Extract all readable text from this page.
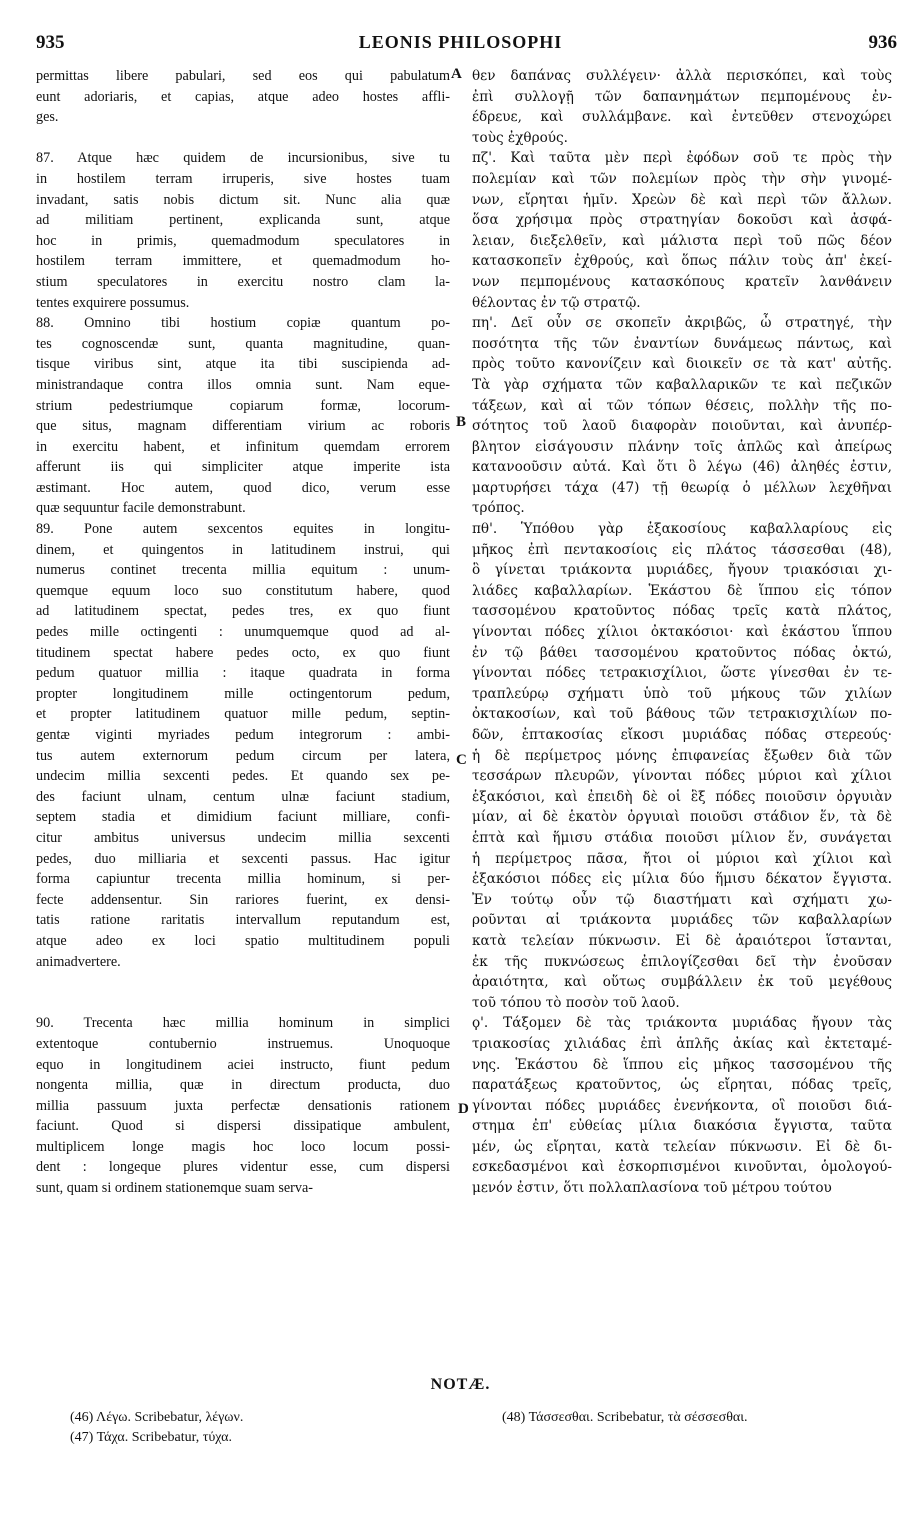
935	LEONIS PHILOSOPHI	936
permittas libere pabulari, sed eos qui pabulatum
eunt adoriaris, et capias, atque adeo hostes affli-
ges.

87. Atque hæc quidem de incursionibus, sive tu
in hostilem terram irruperis, sive hostes tuam
invadant, satis nobis dictum sit. Nunc alia quæ
ad militiam pertinent, explicanda sunt, atque
hoc in primis, quemadmodum speculatores in
hostilem terram immittere, et quemadmodum ho-
stium speculatores in exercitu nostro clam la-
tentes exquirere possumus.
88. Omnino tibi hostium copiæ quantum po-
tes cognoscendæ sunt, quanta magnitudine, quan-
tisque viribus sint, atque ita tibi suscipienda ad-
ministrandaque contra illos omnia sunt. Nam eque-
strium pedestriumque copiarum formæ, locorum-
que situs, magnam differentiam virium ac roboris
in exercitu habent, et infinitum quemdam errorem
afferunt iis qui simpliciter atque imperite ista
æstimant. Hoc autem, quod dico, verum esse
quæ sequuntur facile demonstrabunt.
89. Pone autem sexcentos equites in longitu-
dinem, et quingentos in latitudinem instrui, qui
numerus continet trecenta millia equitum : unum-
quemque equum loco suo constitutum habere, quod
ad latitudinem spectat, pedes tres, ex quo fiunt
pedes mille octingenti : unumquemque quod ad al-
titudinem spectat habere pedes octo, ex quo fiunt
pedum quatuor millia : itaque quadrata in forma
propter longitudinem mille octingentorum pedum,
et propter latitudinem quatuor mille pedum, septin-
gentæ viginti myriades pedum integrorum : ambi-
tus autem externorum pedum circum per latera,
undecim millia sexcenti pedes. Et quando sex pe-
des faciunt ulnam, centum ulnæ faciunt stadium,
septem stadia et dimidium faciunt milliare, confi-
citur ambitus universus undecim millia sexcenti
pedes, duo milliaria et sexcenti passus. Hac igitur
forma capiuntur trecenta millia hominum, si per-
fecte addensentur. Sin rariores fuerint, ex densi-
tatis ratione raritatis intervallum reputandum est,
atque adeo ex loci spatio multitudinem populi
animadvertere.

90. Trecenta hæc millia hominum in simplici
extentoque contubernio instruemus. Unoquoque
equo in longitudinem aciei instructo, fiunt pedum
nongenta millia, quæ in directum producta, duo
millia passuum juxta perfectæ densationis rationem
faciunt. Quod si dispersi dissipatique ambulent,
multiplicem longe magis hoc loco locum possi-
dent : longeque plures videntur esse, cum dispersi
sunt, quam si ordinem stationemque suam serva-
θεν δαπάνας συλλέγειν· ἀλλὰ περισκόπει, καὶ τοὺς
ἐπὶ συλλογῇ τῶν δαπανημάτων πεμπομένους ἐν-
έδρευε, καὶ συλλάμβανε. καὶ ἐντεῦθεν στενοχώρει
τοὺς ἐχθρούς.
πζ'. Καὶ ταῦτα μὲν περὶ ἐφόδων σοῦ τε πρὸς τὴν
πολεμίαν καὶ τῶν πολεμίων πρὸς τὴν σὴν γινομέ-
νων, εἴρηται ἡμῖν. Χρεὼν δὲ καὶ περὶ τῶν ἄλλων.
ὅσα χρήσιμα πρὸς στρατηγίαν δοκοῦσι καὶ ἀσφά-
λειαν, διεξελθεῖν, καὶ μάλιστα περὶ τοῦ πῶς δέον
κατασκοπεῖν ἐχθρούς, καὶ ὅπως πάλιν τοὺς ἀπ' ἐκεί-
νων πεμπομένους κατασκόπους κρατεῖν λανθάνειν
θέλοντας ἐν τῷ στρατῷ.
πη'. Δεῖ οὖν σε σκοπεῖν ἀκριβῶς, ὦ στρατηγέ, τὴν
ποσότητα τῆς τῶν ἐναντίων δυνάμεως πάντως, καὶ
πρὸς τοῦτο κανονίζειν καὶ διοικεῖν σε τὰ κατ' αὐτῆς.
Τὰ γὰρ σχήματα τῶν καβαλλαρικῶν τε καὶ πεζικῶν
τάξεων, καὶ αἱ τῶν τόπων θέσεις, πολλὴν τῆς πο-
σότητος τοῦ λαοῦ διαφορὰν ποιοῦνται, καὶ ἀνυπέρ-
βλητον εἰσάγουσιν πλάνην τοῖς ἁπλῶς καὶ ἀπείρως
κατανοοῦσιν αὐτά. Καὶ ὅτι ὃ λέγω (46) ἀληθές ἐστιν,
μαρτυρήσει τάχα (47) τῇ θεωρίᾳ ὁ μέλλων λεχθῆναι
τρόπος.
πθ'. Ὑπόθου γὰρ ἑξακοσίους καβαλλαρίους εἰς
μῆκος ἐπὶ πεντακοσίοις εἰς πλάτος τάσσεσθαι (48),
ὃ γίνεται τριάκοντα μυριάδες, ἤγουν τριακόσιαι χι-
λιάδες καβαλλαρίων. Ἑκάστου δὲ ἵππου εἰς τόπον
τασσομένου κρατοῦντος πόδας τρεῖς κατὰ πλάτος,
γίνονται πόδες χίλιοι ὀκτακόσιοι· καὶ ἑκάστου ἵππου
ἐν τῷ βάθει τασσομένου κρατοῦντος πόδας ὀκτώ,
γίνονται πόδες τετρακισχίλιοι, ὥστε γίνεσθαι ἐν τε-
τραπλεύρῳ σχήματι ὑπὸ τοῦ μήκους τῶν χιλίων
ὀκτακοσίων, καὶ τοῦ βάθους τῶν τετρακισχιλίων πο-
δῶν, ἑπτακοσίας εἴκοσι μυριάδας πόδας στερεούς·
ἡ δὲ περίμετρος μόνης ἐπιφανείας ἔξωθεν διὰ τῶν
τεσσάρων πλευρῶν, γίνονται πόδες μύριοι καὶ χίλιοι
ἑξακόσιοι, καὶ ἐπειδὴ δὲ οἱ ἓξ πόδες ποιοῦσιν ὀργυιὰν
μίαν, αἱ δὲ ἑκατὸν ὀργυιαὶ ποιοῦσι στάδιον ἕν, τὰ δὲ
ἑπτὰ καὶ ἥμισυ στάδια ποιοῦσι μίλιον ἕν, συνάγεται
ἡ περίμετρος πᾶσα, ἤτοι οἱ μύριοι καὶ χίλιοι καὶ
ἑξακόσιοι πόδες εἰς μίλια δύο ἥμισυ δέκατον ἔγγιστα.
Ἐν τούτῳ οὖν τῷ διαστήματι καὶ σχήματι χω-
ροῦνται αἱ τριάκοντα μυριάδες τῶν καβαλλαρίων
κατὰ τελείαν πύκνωσιν. Εἰ δὲ ἀραιότεροι ἵστανται,
ἐκ τῆς πυκνώσεως ἐπιλογίζεσθαι δεῖ τὴν ἐνοῦσαν
ἀραιότητα, καὶ οὕτως συμβάλλειν ἐκ τοῦ μεγέθους
τοῦ τόπου τὸ ποσὸν τοῦ λαοῦ.
ϙ'. Τάξομεν δὲ τὰς τριάκοντα μυριάδας ἤγουν τὰς
τριακοσίας χιλιάδας ἐπὶ ἁπλῆς ἀκίας καὶ ἐκτεταμέ-
νης. Ἑκάστου δὲ ἵππου εἰς μῆκος τασσομένου τῆς
παρατάξεως κρατοῦντος, ὡς εἴρηται, πόδας τρεῖς,
γίνονται πόδες μυριάδες ἐνενήκοντα, οἳ ποιοῦσι διά-
στημα ἐπ' εὐθείας μίλια διακόσια ἔγγιστα, ταῦτα
μέν, ὡς εἴρηται, κατὰ τελείαν πύκνωσιν. Εἰ δὲ δι-
εσκεδασμένοι καὶ ἐσκορπισμένοι κινοῦνται, ὁμολογού-
μενόν ἐστιν, ὅτι πολλαπλασίονα τοῦ μέτρου τούτου
A
B
C
D
NOTÆ.
(46) Λέγω. Scribebatur, λέγων.
(47) Τάχα. Scribebatur, τύχα.
(48) Τάσσεσθαι. Scribebatur, τὰ σέσσεσθαι.
